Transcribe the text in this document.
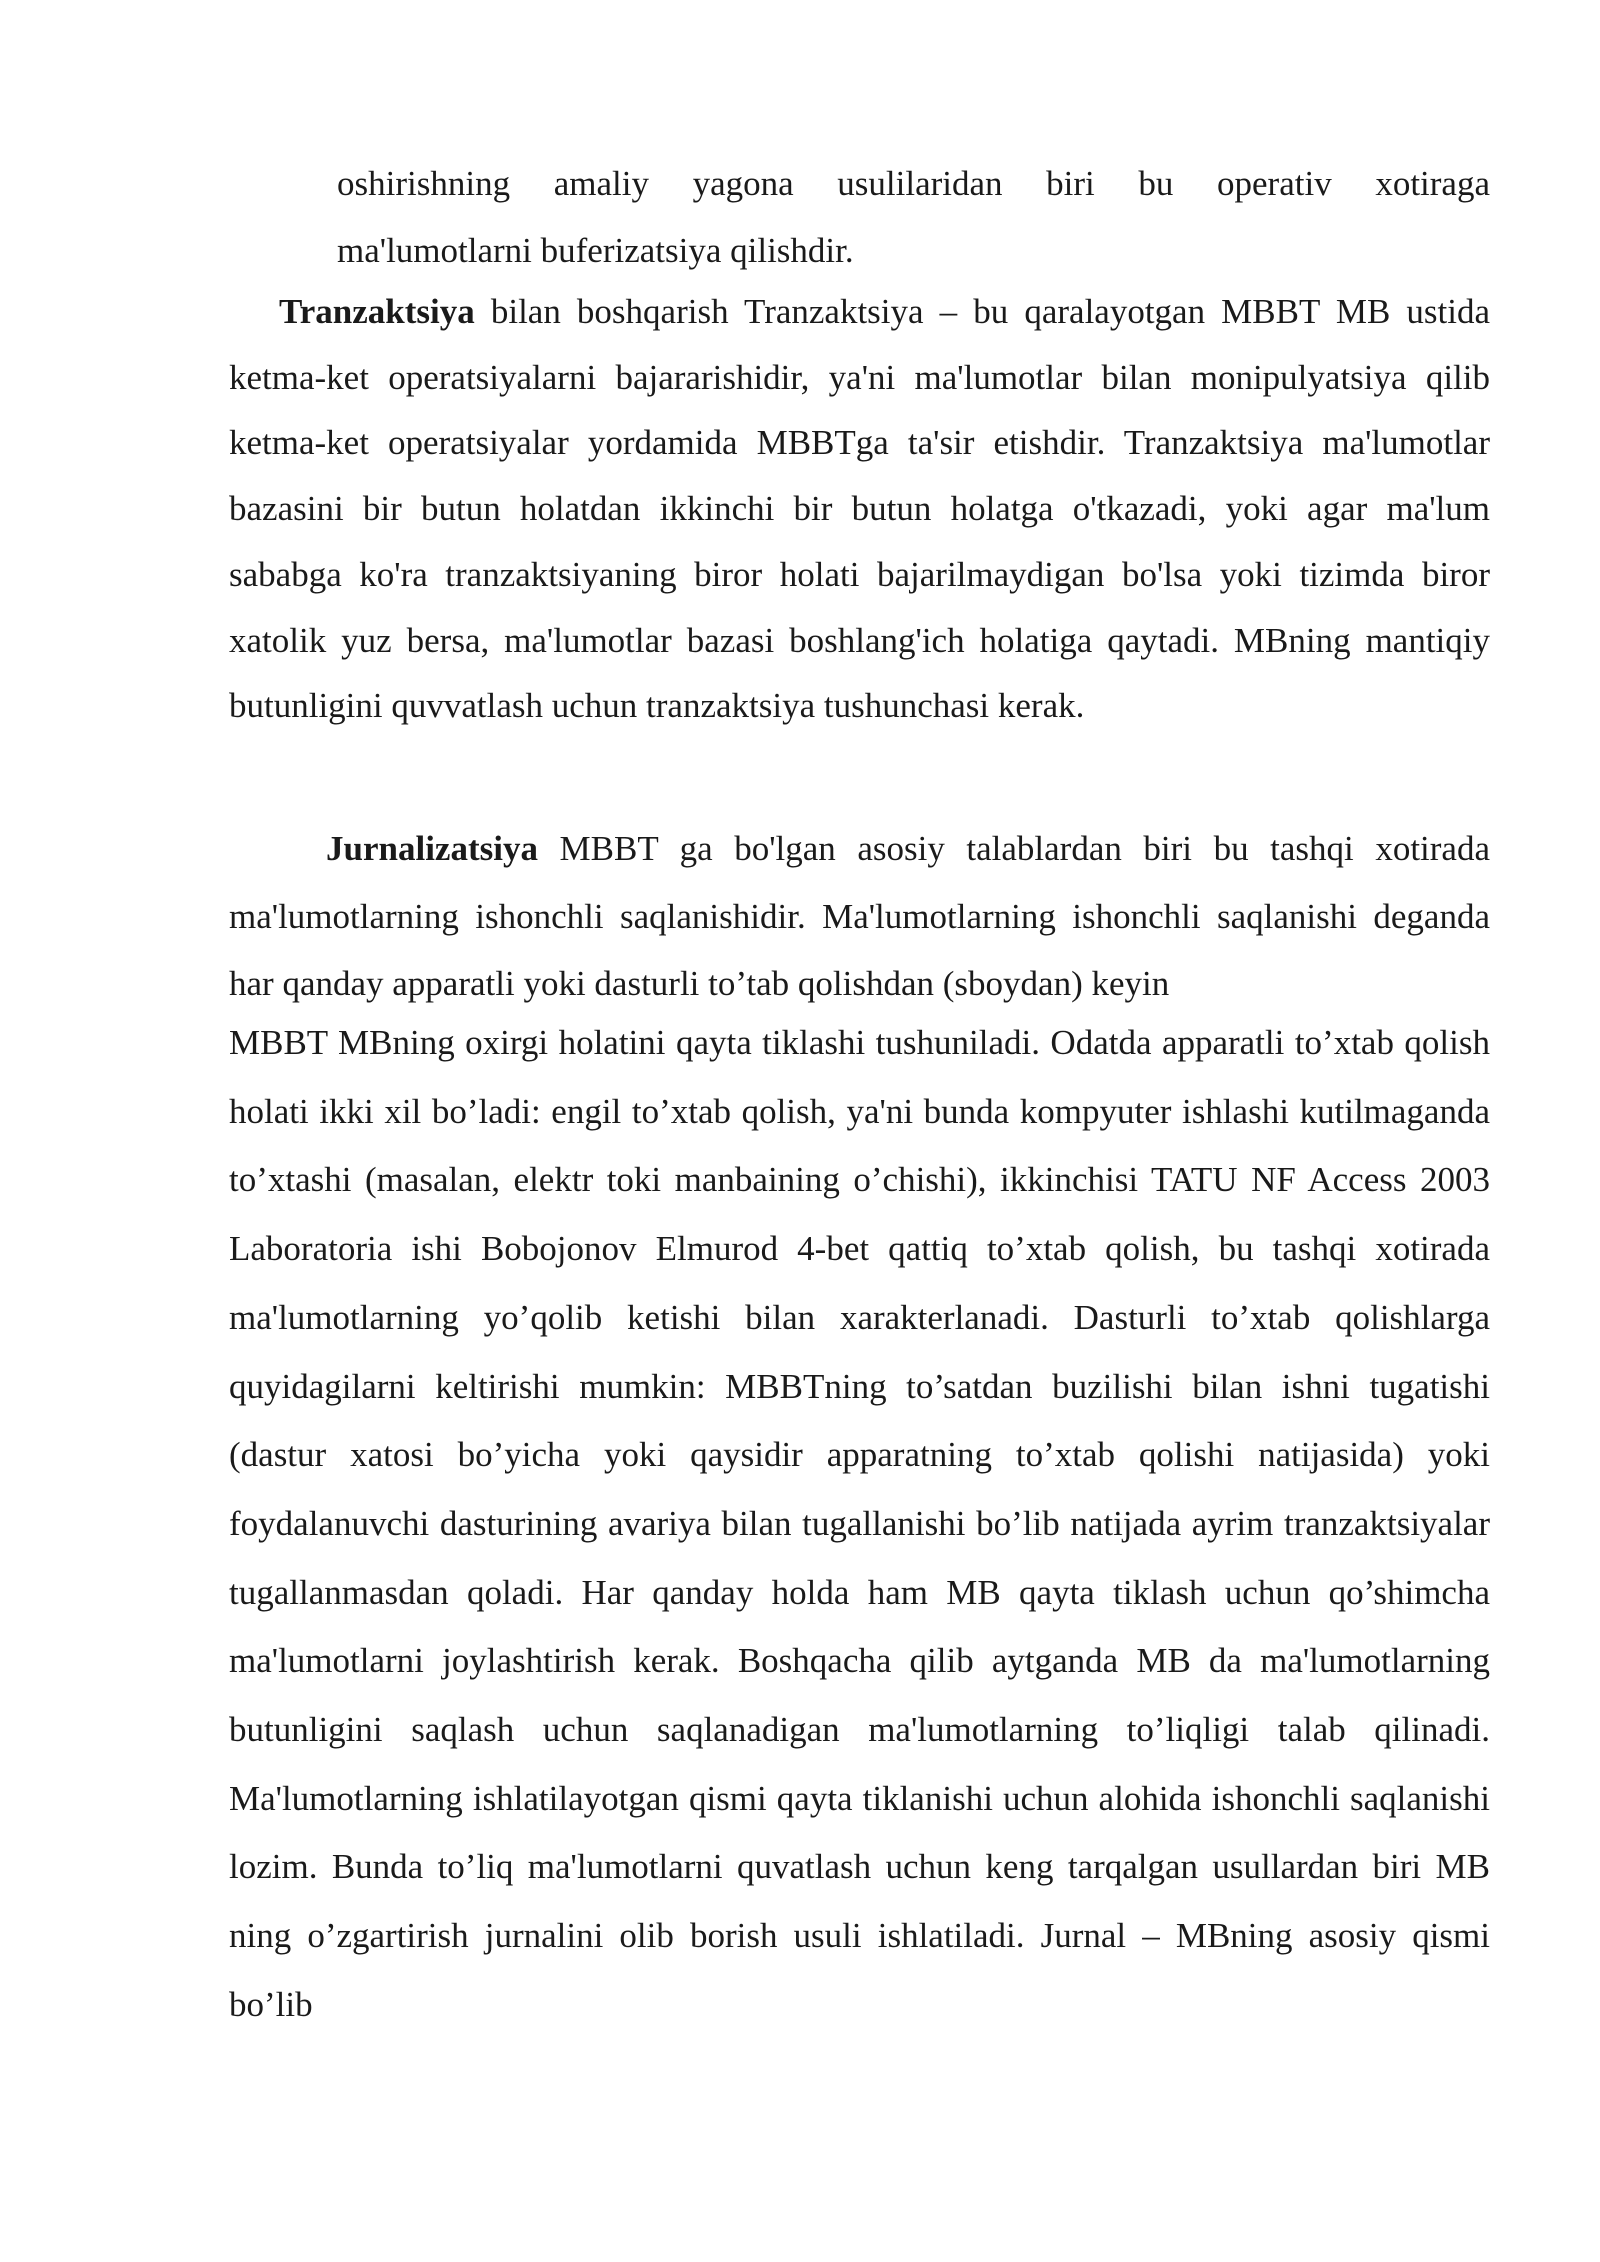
oshirishning amaliy yagona usulilaridan biri bu operativ xotiraga
ma'lumotlarni buferizatsiya qilishdir.

Tranzaktsiya bilan boshqarish Tranzaktsiya – bu qaralayotgan MBBT MB ustida ketma-ket operatsiyalarni bajararishidir, ya'ni ma'lumotlar bilan monipulyatsiya qilib ketma-ket operatsiyalar yordamida MBBTga ta'sir etishdir. Tranzaktsiya ma'lumotlar bazasini bir butun holatdan ikkinchi bir butun holatga o'tkazadi, yoki agar ma'lum sababga ko'ra tranzaktsiyaning biror holati bajarilmaydigan bo'lsa yoki tizimda biror xatolik yuz bersa, ma'lumotlar bazasi boshlang'ich holatiga qaytadi. MBning mantiqiy butunligini quvvatlash uchun tranzaktsiya tushunchasi kerak.

Jurnalizatsiya MBBT ga bo'lgan asosiy talablardan biri bu tashqi xotirada ma'lumotlarning ishonchli saqlanishidir. Ma'lumotlarning ishonchli saqlanishi deganda har qanday apparatli yoki dasturli to’tab qolishdan (sboydan) keyin

MBBT MBning oxirgi holatini qayta tiklashi tushuniladi. Odatda apparatli to’xtab qolish holati ikki xil bo’ladi: engil to’xtab qolish, ya'ni bunda kompyuter ishlashi kutilmaganda to’xtashi (masalan, elektr toki manbaining o’chishi), ikkinchisi TATU NF Access 2003 Laboratoria ishi Bobojonov Elmurod 4-bet qattiq to’xtab qolish, bu tashqi xotirada ma'lumotlarning yo’qolib ketishi bilan xarakterlanadi. Dasturli to’xtab qolishlarga quyidagilarni keltirishi mumkin: MBBTning to’satdan buzilishi bilan ishni tugatishi (dastur xatosi bo’yicha yoki qaysidir apparatning to’xtab qolishi natijasida) yoki foydalanuvchi dasturining avariya bilan tugallanishi bo’lib natijada ayrim tranzaktsiyalar tugallanmasdan qoladi. Har qanday holda ham MB qayta tiklash uchun qo’shimcha ma'lumotlarni joylashtirish kerak. Boshqacha qilib aytganda MB da ma'lumotlarning butunligini saqlash uchun saqlanadigan ma'lumotlarning to’liqligi talab qilinadi. Ma'lumotlarning ishlatilayotgan qismi qayta tiklanishi uchun alohida ishonchli saqlanishi lozim. Bunda to’liq ma'lumotlarni quvatlash uchun keng tarqalgan usullardan biri MB ning o’zgartirish jurnalini olib borish usuli ishlatiladi. Jurnal – MBning asosiy qismi bo’lib
